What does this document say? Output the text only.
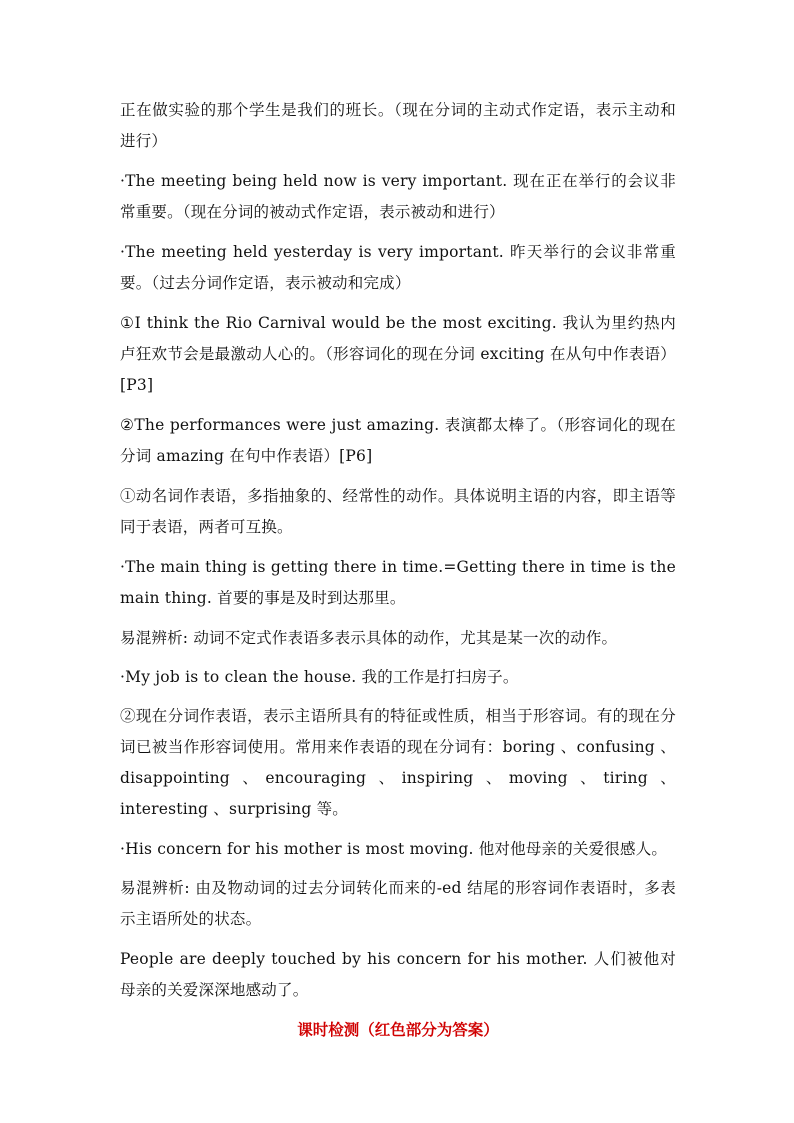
正在做实验的那个学生是我们的班长。（现在分词的主动式作定语，表示主动和进行）

·The meeting being held now is very important. 现在正在举行的会议非常重要。（现在分词的被动式作定语，表示被动和进行）

·The meeting held yesterday is very important. 昨天举行的会议非常重要。（过去分词作定语，表示被动和完成）

①I think the Rio Carnival would be the most exciting. 我认为里约热内卢狂欢节会是最激动人心的。（形容词化的现在分词 exciting 在从句中作表语）[P3]

②The performances were just amazing. 表演都太棒了。（形容词化的现在分词 amazing 在句中作表语）[P6]

①动名词作表语，多指抽象的、经常性的动作。具体说明主语的内容，即主语等同于表语，两者可互换。

·The main thing is getting there in time.=Getting there in time is the main thing. 首要的事是及时到达那里。

易混辨析: 动词不定式作表语多表示具体的动作，尤其是某一次的动作。

·My job is to clean the house. 我的工作是打扫房子。

②现在分词作表语，表示主语所具有的特征或性质，相当于形容词。有的现在分词已被当作形容词使用。常用来作表语的现在分词有：boring 、confusing 、disappointing 、encouraging 、inspiring 、moving 、tiring 、interesting 、surprising 等。

·His concern for his mother is most moving. 他对他母亲的关爱很感人。

易混辨析: 由及物动词的过去分词转化而来的-ed 结尾的形容词作表语时，多表示主语所处的状态。

People are deeply touched by his concern for his mother. 人们被他对母亲的关爱深深地感动了。

课时检测（红色部分为答案）
